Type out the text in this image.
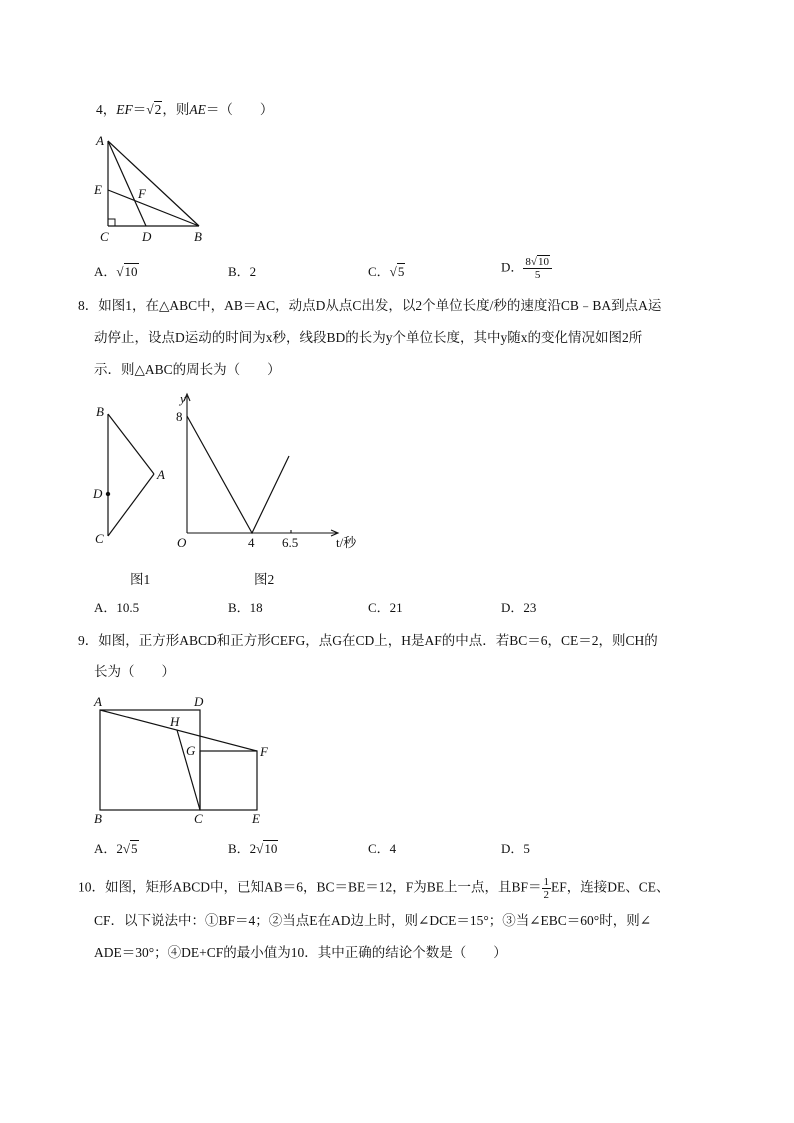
4，EF＝√2，则AE＝（　　）
A
E	F
C	D	B
A．√10	B．2	C．√5	D． $\frac{8√10}{5}$
8．如图1，在△ABC中，AB＝AC，动点D从点C出发，以2个单位长度/秒的速度沿CB﹣BA到点A运
动停止，设点D运动的时间为x秒，线段BD的长为y个单位长度，其中y随x的变化情况如图2所
示．则△ABC的周长为（　　）
B
D
A
C
y
8
O	4 6.5	t/秒
图1	图2
A．10.5	B．18	C．21	D．23
9．如图，正方形ABCD和正方形CEFG，点G在CD上，H是AF的中点．若BC＝6，CE＝2，则CH的
长为（　　）
A	D
H
G	F
B	C	E
A．2√5	B．2√10	C．4	D．5
10．如图，矩形ABCD中，已知AB＝6，BC＝BE＝12，F为BE上一点，且$BF= \frac{1}{2}$ EF，连接DE、CE、
CF．以下说法中：①BF＝4；②当点E在AD边上时，则∠DCE＝15°；③当∠EBC＝60°时，则∠
ADE＝30°；④DE+CF的最小值为10．其中正确的结论个数是（　　）
